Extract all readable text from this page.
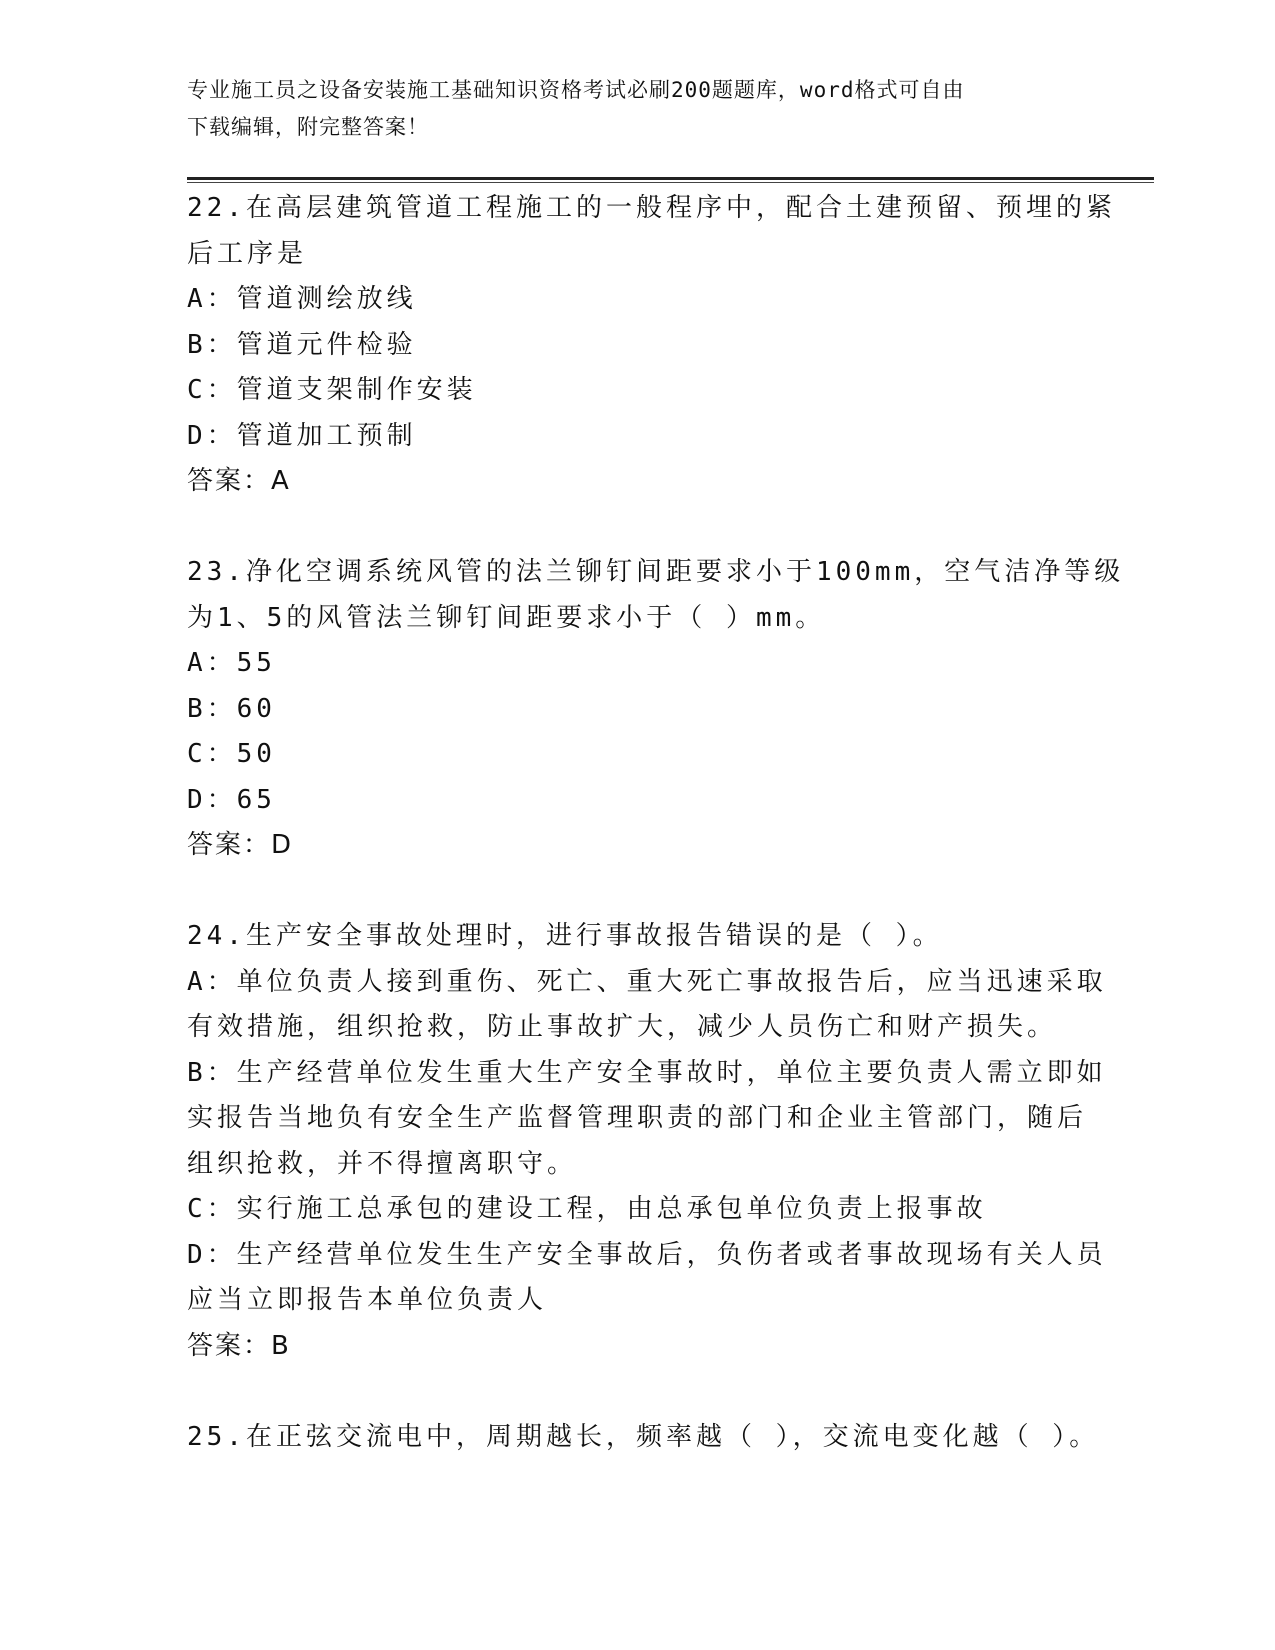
专业施工员之设备安装施工基础知识资格考试必刷200题题库，word格式可自由
下载编辑，附完整答案！
22.在高层建筑管道工程施工的一般程序中，配合土建预留、预埋的紧
后工序是
A：管道测绘放线
B：管道元件检验
C：管道支架制作安装
D：管道加工预制
答案：A
23.净化空调系统风管的法兰铆钉间距要求小于100mm，空气洁净等级
为1、5的风管法兰铆钉间距要求小于（ ）mm。
A：55
B：60
C：50
D：65
答案：D
24.生产安全事故处理时，进行事故报告错误的是（ ）。
A：单位负责人接到重伤、死亡、重大死亡事故报告后，应当迅速采取
有效措施，组织抢救，防止事故扩大，减少人员伤亡和财产损失。
B：生产经营单位发生重大生产安全事故时，单位主要负责人需立即如
实报告当地负有安全生产监督管理职责的部门和企业主管部门，随后
组织抢救，并不得擅离职守。
C：实行施工总承包的建设工程，由总承包单位负责上报事故
D：生产经营单位发生生产安全事故后，负伤者或者事故现场有关人员
应当立即报告本单位负责人
答案：B
25.在正弦交流电中，周期越长，频率越（ ），交流电变化越（ ）。
